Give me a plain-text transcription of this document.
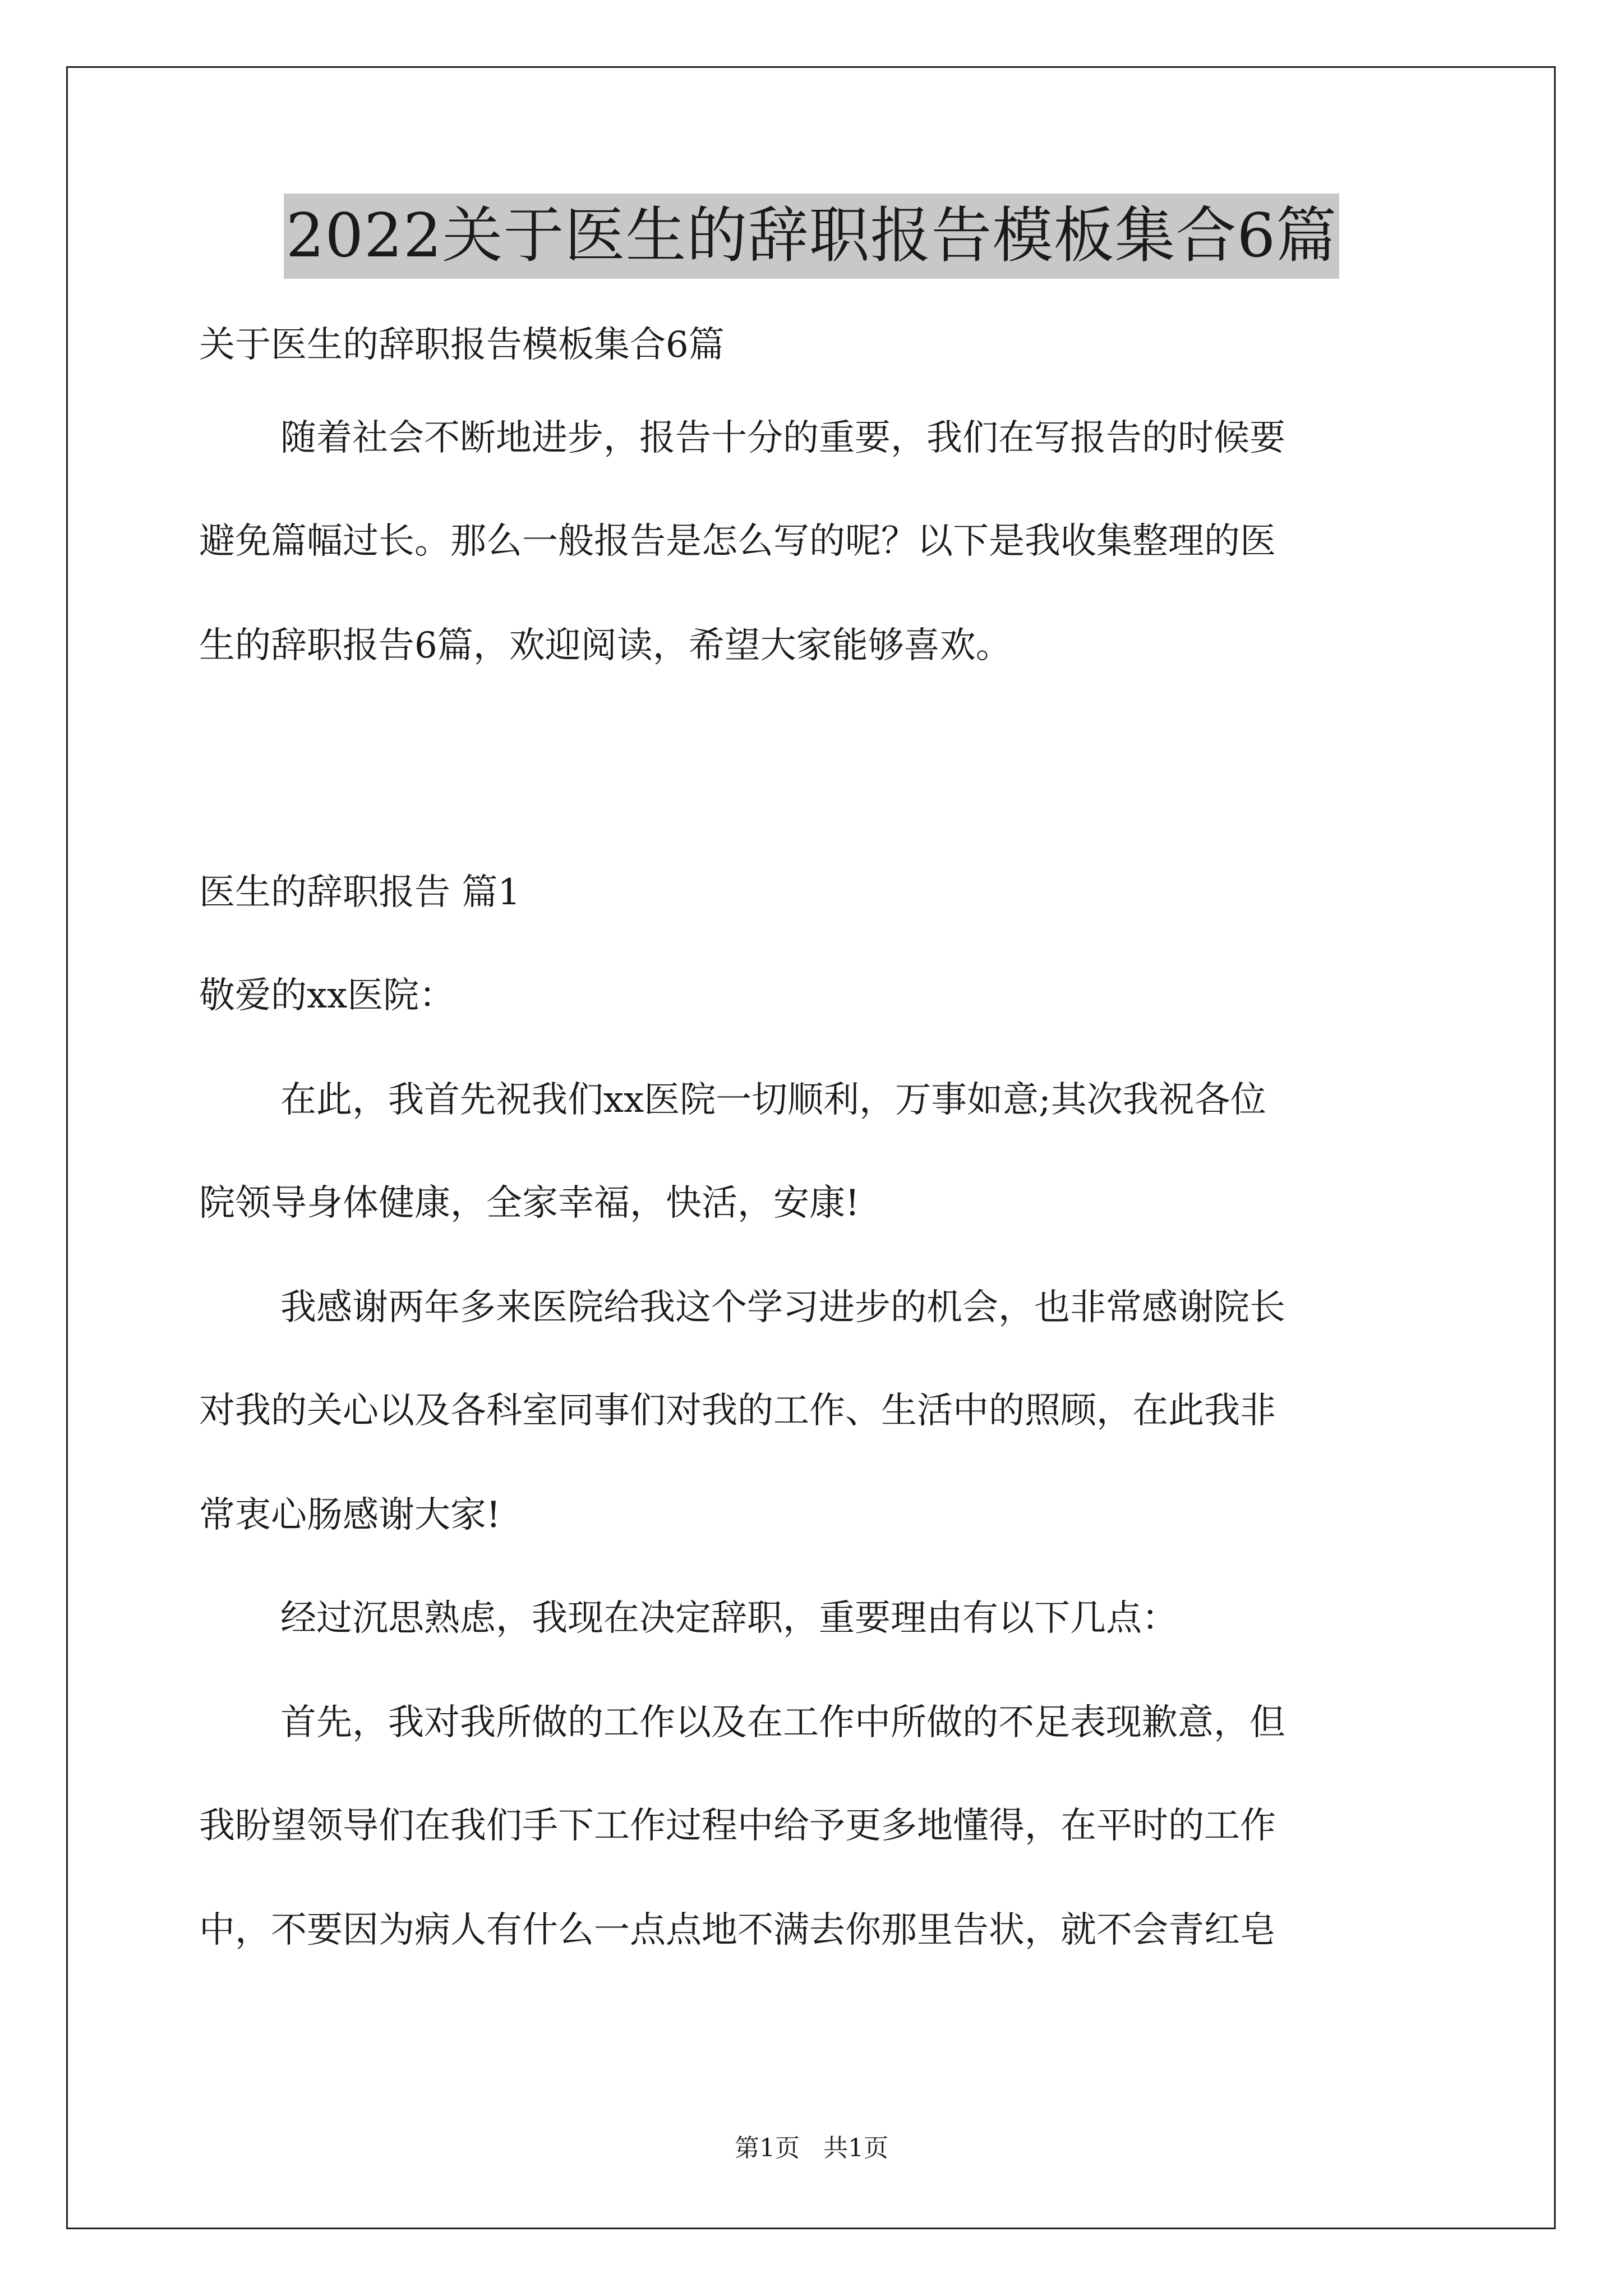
2022关于医生的辞职报告模板集合6篇
关于医生的辞职报告模板集合6篇
随着社会不断地进步，报告十分的重要，我们在写报告的时候要
避免篇幅过长。那么一般报告是怎么写的呢？以下是我收集整理的医
生的辞职报告6篇，欢迎阅读，希望大家能够喜欢。
医生的辞职报告 篇1
敬爱的xx医院：
在此，我首先祝我们xx医院一切顺利，万事如意;其次我祝各位
院领导身体健康，全家幸福，快活，安康!
我感谢两年多来医院给我这个学习进步的机会，也非常感谢院长
对我的关心以及各科室同事们对我的工作、生活中的照顾，在此我非
常衷心肠感谢大家!
经过沉思熟虑，我现在决定辞职，重要理由有以下几点：
首先，我对我所做的工作以及在工作中所做的不足表现歉意，但
我盼望领导们在我们手下工作过程中给予更多地懂得，在平时的工作
中，不要因为病人有什么一点点地不满去你那里告状，就不会青红皂
第1页 共1页
